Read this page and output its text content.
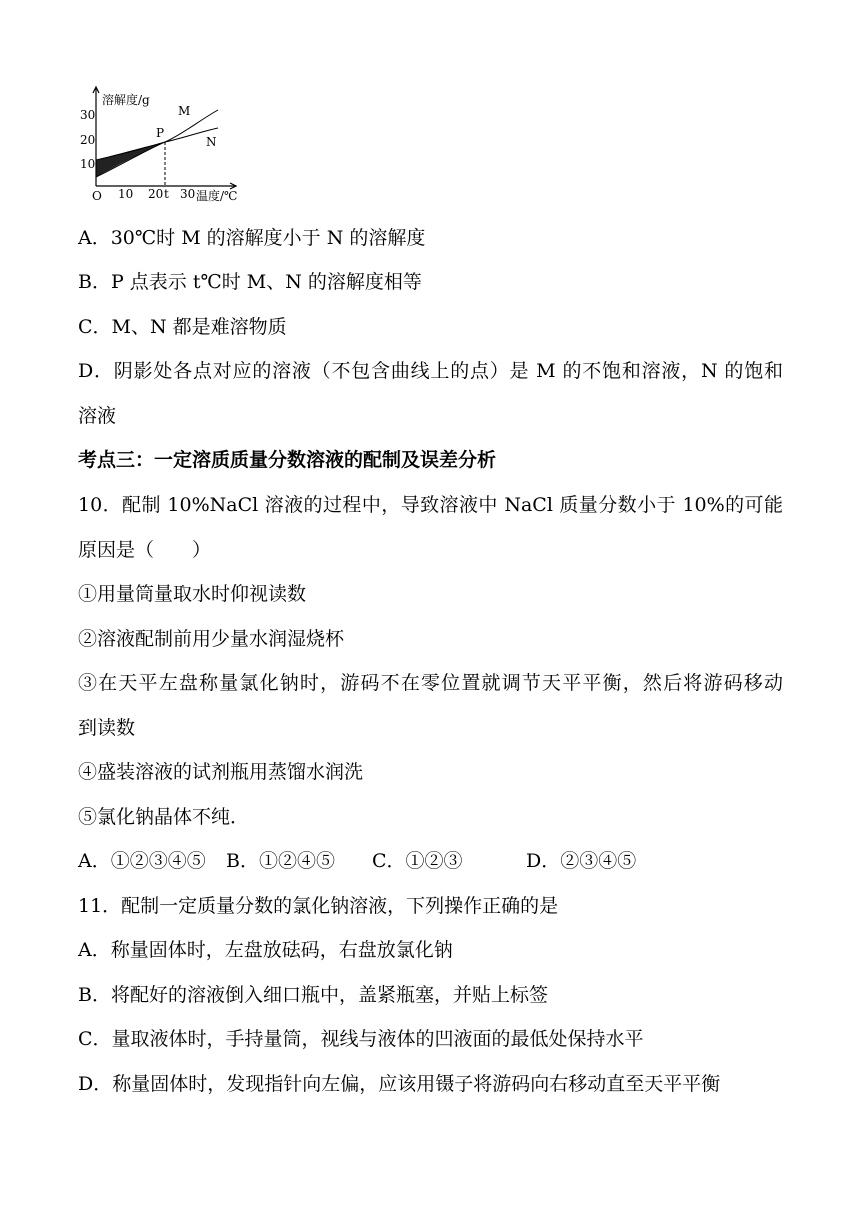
溶解度/g
温度/℃
O
10
20
30
10 20 t 30
P
M
N

A．30℃时 M 的溶解度小于 N 的溶解度

B．P 点表示 t℃时 M、N 的溶解度相等

C．M、N 都是难溶物质

D．阴影处各点对应的溶液（不包含曲线上的点）是 M 的不饱和溶液，N 的饱和

溶液

考点三：一定溶质质量分数溶液的配制及误差分析

10．配制 10%NaCl 溶液的过程中，导致溶液中 NaCl 质量分数小于 10%的可能

原因是（　　）

①用量筒量取水时仰视读数

②溶液配制前用少量水润湿烧杯

③在天平左盘称量氯化钠时，游码不在零位置就调节天平平衡，然后将游码移动

到读数

④盛装溶液的试剂瓶用蒸馏水润洗

⑤氯化钠晶体不纯．

A．①②③④⑤ B．①②④⑤ C．①②③	D．②③④⑤

11．配制一定质量分数的氯化钠溶液，下列操作正确的是

A．称量固体时，左盘放砝码，右盘放氯化钠

B．将配好的溶液倒入细口瓶中，盖紧瓶塞，并贴上标签

C．量取液体时，手持量筒，视线与液体的凹液面的最低处保持水平

D．称量固体时，发现指针向左偏，应该用镊子将游码向右移动直至天平平衡
